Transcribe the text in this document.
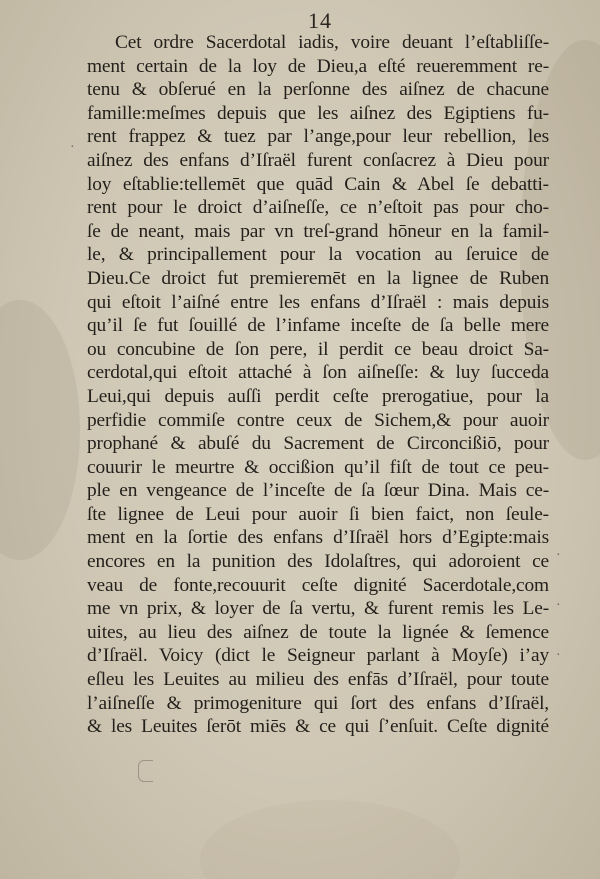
14
Cet ordre Sacerdotal iadis, voire deuant l’eſtabliſſe-
ment certain de la loy de Dieu,a eſté reueremment re-
tenu & obſerué en la perſonne des aiſnez de chacune
famille:meſmes depuis que les aiſnez des Egiptiens fu-
rent frappez & tuez par l’ange,pour leur rebellion, les
aiſnez des enfans d’Iſraël furent conſacrez à Dieu pour
loy eſtablie:tellemēt que quād Cain & Abel ſe debatti-
rent pour le droict d’aiſneſſe, ce n’eſtoit pas pour cho-
ſe de neant, mais par vn treſ-grand hōneur en la famil-
le, & principallement pour la vocation au ſeruice de
Dieu.Ce droict fut premieremēt en la lignee de Ruben
qui eſtoit l’aiſné entre les enfans d’Iſraël : mais depuis
qu’il ſe fut ſouillé de l’infame inceſte de ſa belle mere
ou concubine de ſon pere, il perdit ce beau droict Sa-
cerdotal,qui eſtoit attaché à ſon aiſneſſe: & luy ſucceda
Leui,qui depuis auſſi perdit ceſte prerogatiue, pour la
perfidie commiſe contre ceux de Sichem,& pour auoir
prophané & abuſé du Sacrement de Circoncißiō, pour
couurir le meurtre & occißion qu’il fiſt de tout ce peu-
ple en vengeance de l’inceſte de ſa ſœur Dina. Mais ce-
ſte lignee de Leui pour auoir ſi bien faict, non ſeule-
ment en la ſortie des enfans d’Iſraël hors d’Egipte:mais
encores en la punition des Idolaſtres, qui adoroient ce
veau de fonte,recouurit ceſte dignité Sacerdotale,com
me vn prix, & loyer de ſa vertu, & furent remis les Le-
uites, au lieu des aiſnez de toute la lignée & ſemence
d’Iſraël. Voicy (dict le Seigneur parlant à Moyſe) i’ay
eſleu les Leuites au milieu des enfās d’Iſraël, pour toute
l’aiſneſſe & primogeniture qui ſort des enfans d’Iſraël,
& les Leuites ſerōt miēs & ce qui ſ’enſuit. Ceſte dignité
·
·
·
·
